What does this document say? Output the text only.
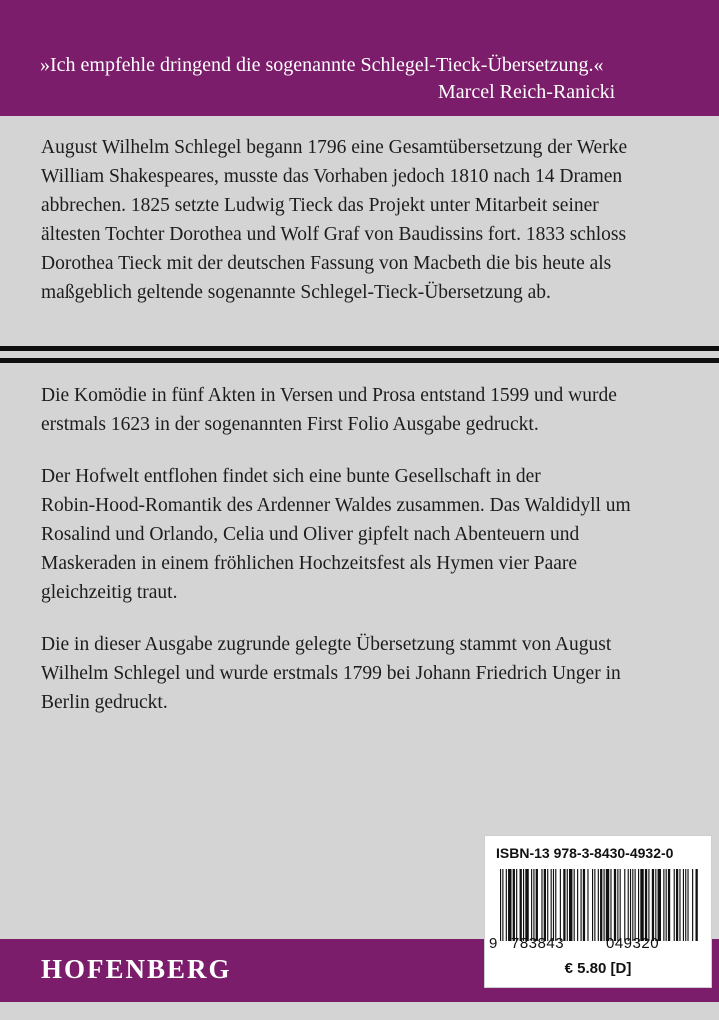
»Ich empfehle dringend die sogenannte Schlegel-Tieck-Übersetzung.«
Marcel Reich-Ranicki
August Wilhelm Schlegel begann 1796 eine Gesamtübersetzung der Werke
William Shakespeares, musste das Vorhaben jedoch 1810 nach 14 Dramen
abbrechen. 1825 setzte Ludwig Tieck das Projekt unter Mitarbeit seiner
ältesten Tochter Dorothea und Wolf Graf von Baudissins fort. 1833 schloss
Dorothea Tieck mit der deutschen Fassung von Macbeth die bis heute als
maßgeblich geltende sogenannte Schlegel-Tieck-Übersetzung ab.
Die Komödie in fünf Akten in Versen und Prosa entstand 1599 und wurde
erstmals 1623 in der sogenannten First Folio Ausgabe gedruckt.
Der Hofwelt entflohen findet sich eine bunte Gesellschaft in der
Robin-Hood-Romantik des Ardenner Waldes zusammen. Das Waldidyll um
Rosalind und Orlando, Celia und Oliver gipfelt nach Abenteuern und
Maskeraden in einem fröhlichen Hochzeitsfest als Hymen vier Paare
gleichzeitig traut.
Die in dieser Ausgabe zugrunde gelegte Übersetzung stammt von August
Wilhelm Schlegel und wurde erstmals 1799 bei Johann Friedrich Unger in
Berlin gedruckt.
HOFENBERG
ISBN-13 978-3-8430-4932-0
9 783843	049320
€ 5.80 [D]
